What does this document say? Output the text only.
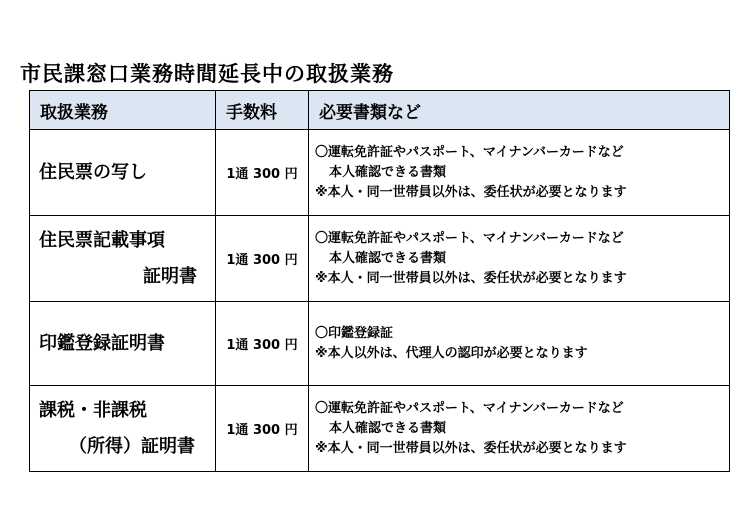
市民課窓口業務時間延長中の取扱業務
取扱業務	手数料	必要書類など
住民票の写し	1通 300 円	〇運転免許証やパスポート、マイナンバーカードなど
本人確認できる書類
※本人・同一世帯員以外は、委任状が必要となります

住民票記載事項
証明書	1通 300 円	〇運転免許証やパスポート、マイナンバーカードなど
本人確認できる書類
※本人・同一世帯員以外は、委任状が必要となります

印鑑登録証明書	1通 300 円	〇印鑑登録証
※本人以外は、代理人の認印が必要となります

課税・非課税
（所得）証明書	1通 300 円	〇運転免許証やパスポート、マイナンバーカードなど
本人確認できる書類
※本人・同一世帯員以外は、委任状が必要となります
